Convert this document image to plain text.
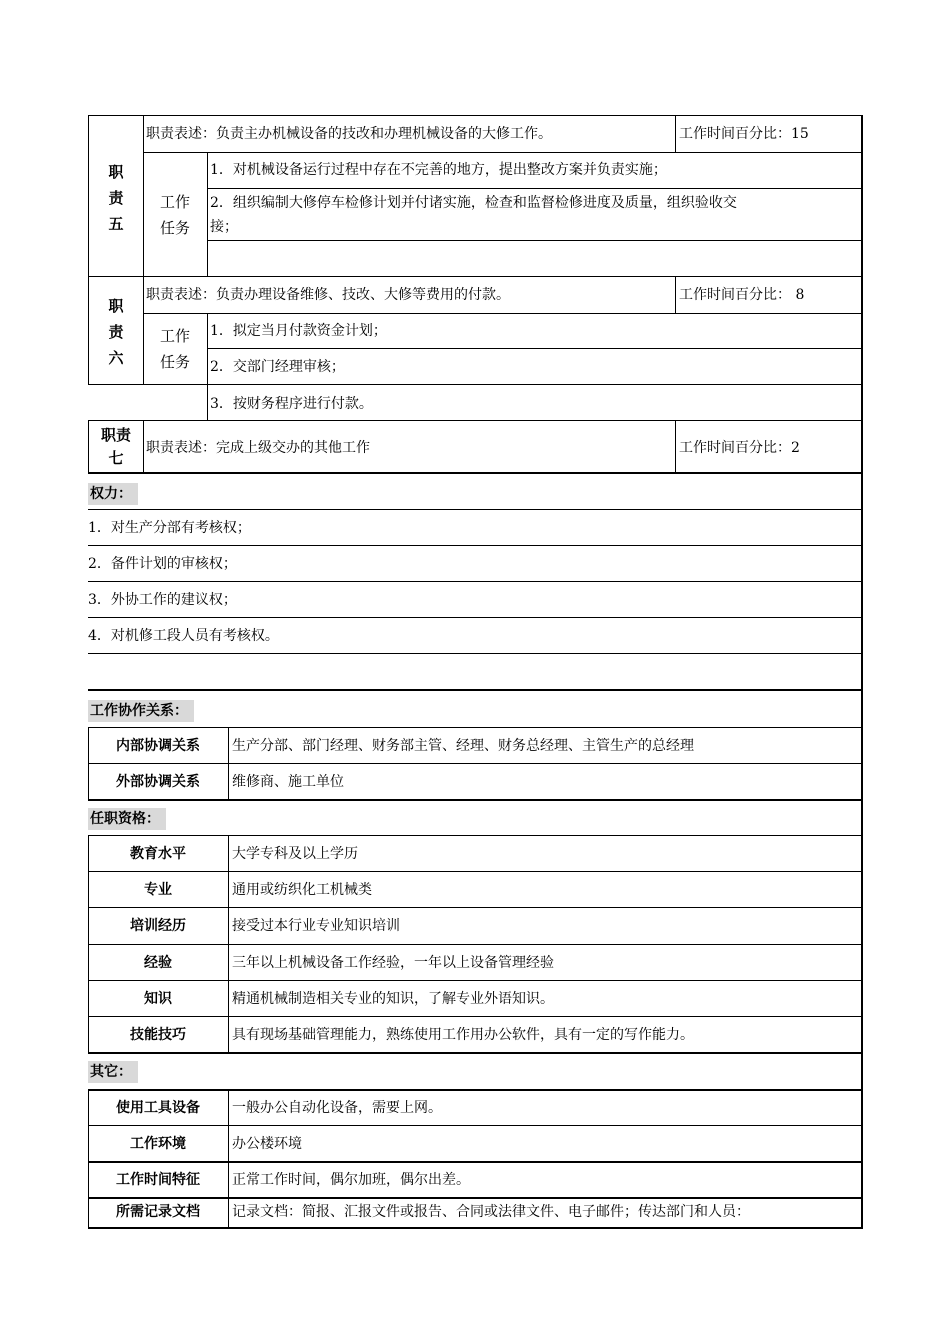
职
责
五
职责表述：负责主办机械设备的技改和办理机械设备的大修工作。	工作时间百分比：15
工作
任务
1．对机械设备运行过程中存在不完善的地方，提出整改方案并负责实施；
2．组织编制大修停车检修计划并付诸实施，检查和监督检修进度及质量，组织验收交
接；
职
责
六
职责表述：负责办理设备维修、技改、大修等费用的付款。	工作时间百分比： 8
工作
任务
1．拟定当月付款资金计划；
2．交部门经理审核；
3．按财务程序进行付款。
职责
七
职责表述：完成上级交办的其他工作	工作时间百分比：2
权力：
1．对生产分部有考核权；
2．备件计划的审核权；
3．外协工作的建议权；
4．对机修工段人员有考核权。
工作协作关系：
内部协调关系	生产分部、部门经理、财务部主管、经理、财务总经理、主管生产的总经理
外部协调关系	维修商、施工单位
任职资格：
教育水平	大学专科及以上学历
专业	通用或纺织化工机械类
培训经历	接受过本行业专业知识培训
经验	三年以上机械设备工作经验，一年以上设备管理经验
知识	精通机械制造相关专业的知识，了解专业外语知识。
技能技巧	具有现场基础管理能力，熟练使用工作用办公软件，具有一定的写作能力。
其它：
使用工具设备	一般办公自动化设备，需要上网。
工作环境	办公楼环境
工作时间特征	正常工作时间，偶尔加班，偶尔出差。
所需记录文档	记录文档：简报、汇报文件或报告、合同或法律文件、电子邮件；传达部门和人员：
